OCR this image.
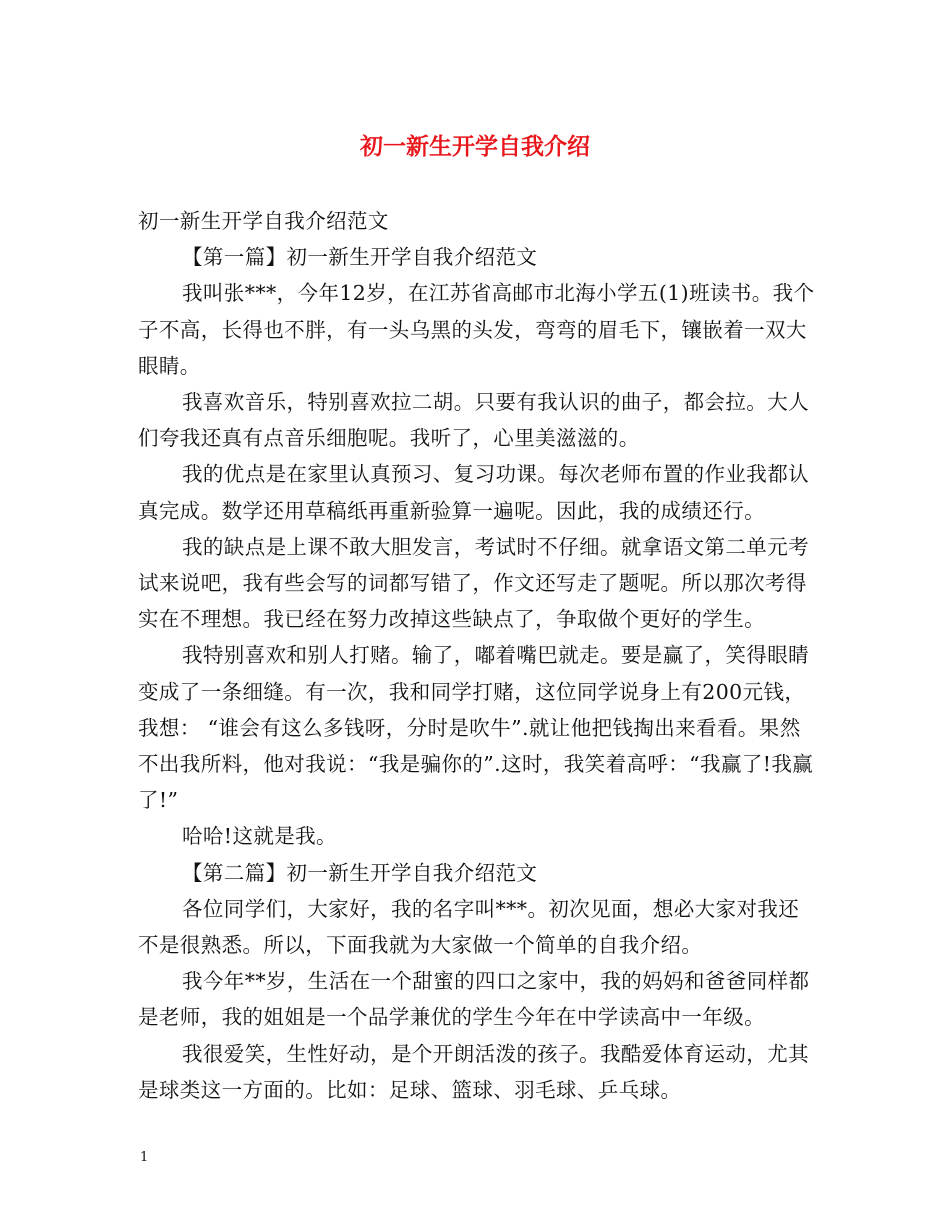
初一新生开学自我介绍

初一新生开学自我介绍范文

【第一篇】初一新生开学自我介绍范文

我叫张***，今年12岁，在江苏省高邮市北海小学五(1)班读书。我个子不高，长得也不胖，有一头乌黑的头发，弯弯的眉毛下，镶嵌着一双大眼睛。

我喜欢音乐，特别喜欢拉二胡。只要有我认识的曲子，都会拉。大人们夸我还真有点音乐细胞呢。我听了，心里美滋滋的。

我的优点是在家里认真预习、复习功课。每次老师布置的作业我都认真完成。数学还用草稿纸再重新验算一遍呢。因此，我的成绩还行。

我的缺点是上课不敢大胆发言，考试时不仔细。就拿语文第二单元考试来说吧，我有些会写的词都写错了，作文还写走了题呢。所以那次考得实在不理想。我已经在努力改掉这些缺点了，争取做个更好的学生。

我特别喜欢和别人打赌。输了，嘟着嘴巴就走。要是赢了，笑得眼睛变成了一条细缝。有一次，我和同学打赌，这位同学说身上有200元钱，我想： “谁会有这么多钱呀，分时是吹牛”.就让他把钱掏出来看看。果然不出我所料，他对我说：“我是骗你的”.这时，我笑着高呼：“我赢了!我赢了!”

哈哈!这就是我。

【第二篇】初一新生开学自我介绍范文

各位同学们，大家好，我的名字叫***。初次见面，想必大家对我还不是很熟悉。所以，下面我就为大家做一个简单的自我介绍。

我今年**岁，生活在一个甜蜜的四口之家中，我的妈妈和爸爸同样都是老师，我的姐姐是一个品学兼优的学生今年在中学读高中一年级。

我很爱笑，生性好动，是个开朗活泼的孩子。我酷爱体育运动，尤其是球类这一方面的。比如：足球、篮球、羽毛球、乒乓球。

1
